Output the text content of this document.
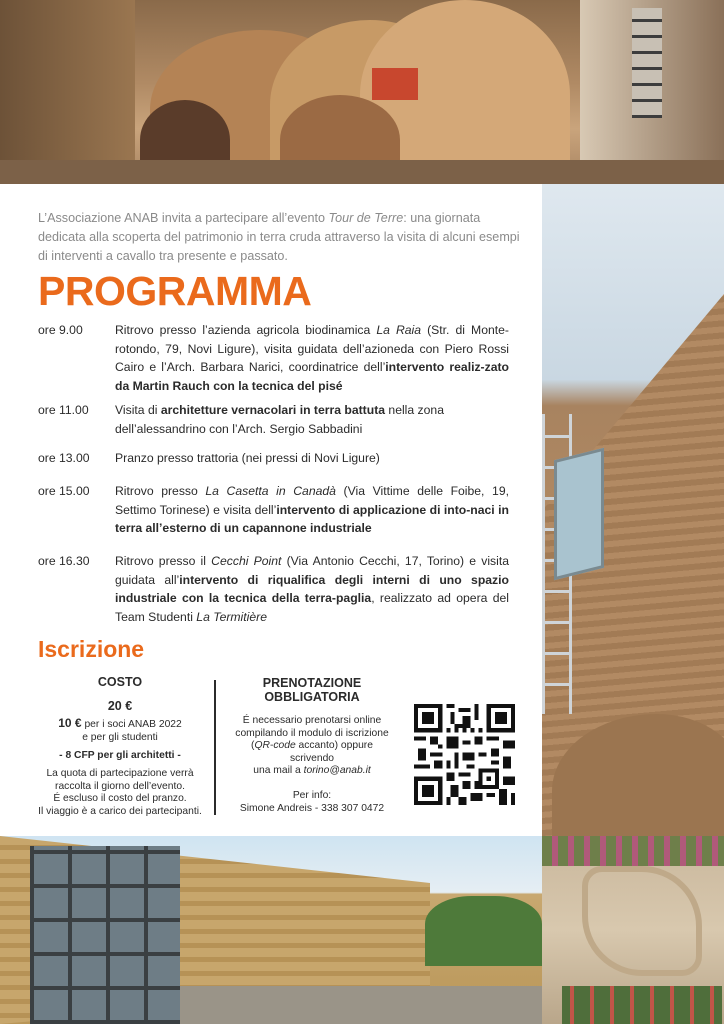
L’Associazione ANAB invita a partecipare all’evento Tour de Terre: una giornata dedicata alla scoperta del patrimonio in terra cruda attraverso la visita di alcuni esempi di interventi a cavallo tra presente e passato.

PROGRAMMA
ore 9.00	Ritrovo presso l’azienda agricola biodinamica La Raia (Str. di Monte-rotondo, 79, Novi Ligure), visita guidata dell’azioneda con Piero Rossi Cairo e l’Arch. Barbara Narici, coordinatrice dell’intervento realiz-zato da Martin Rauch con la tecnica del pisé

ore 11.00	Visita di architetture vernacolari in terra battuta nella zona dell’alessandrino con l’Arch. Sergio Sabbadini

ore 13.00	Pranzo presso trattoria (nei pressi di Novi Ligure)

ore 15.00	Ritrovo presso La Casetta in Canadà (Via Vittime delle Foibe, 19, Settimo Torinese) e visita dell’intervento di applicazione di into-naci in terra all’esterno di un capannone industriale

ore 16.30	Ritrovo presso il Cecchi Point (Via Antonio Cecchi, 17, Torino) e visita guidata all’intervento di riqualifica degli interni di uno spazio industriale con la tecnica della terra-paglia, realizzato ad opera del Team Studenti La Termitière

Iscrizione
COSTO
20 €
10 € per i soci ANAB 2022
e per gli studenti
- 8 CFP per gli architetti -
La quota di partecipazione verrà
raccolta il giorno dell’evento.
É escluso il costo del pranzo.
Il viaggio è a carico dei partecipanti.
PRENOTAZIONE
OBBLIGATORIA
É necessario prenotarsi online
compilando il modulo di iscrizione
(QR-code accanto) oppure scrivendo
una mail a torino@anab.it
Per info:
Simone Andreis - 338 307 0472
